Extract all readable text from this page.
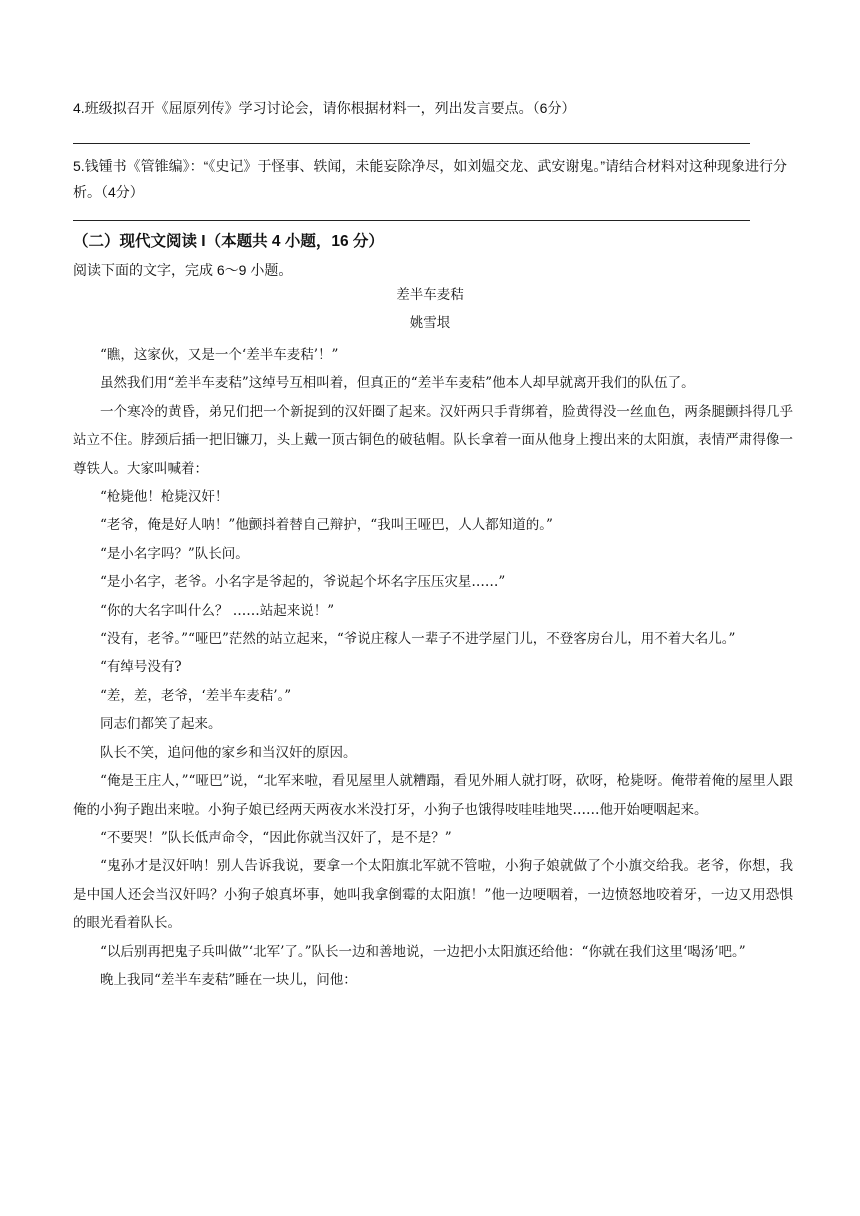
4.班级拟召开《屈原列传》学习讨论会，请你根据材料一，列出发言要点。（6分）
5.钱锺书《管锥编》：“《史记》于怪事、轶闻，未能妄除净尽，如刘媪交龙、武安谢鬼。”请结合材料对这种现象进行分析。（4分）
（二）现代文阅读 I（本题共 4 小题，16 分）
阅读下面的文字，完成 6～9 小题。
差半车麦秸
姚雪垠

“瞧，这家伙，又是一个‘差半车麦秸’！”

虽然我们用“差半车麦秸”这绰号互相叫着，但真正的“差半车麦秸”他本人却早就离开我们的队伍了。

一个寒冷的黄昏，弟兄们把一个新捉到的汉奸圈了起来。汉奸两只手背绑着，脸黄得没一丝血色，两条腿颤抖得几乎站立不住。脖颈后插一把旧镰刀，头上戴一顶古铜色的破毡帽。队长拿着一面从他身上搜出来的太阳旗，表情严肃得像一尊铁人。大家叫喊着：

“枪毙他！枪毙汉奸！

“老爷，俺是好人呐！”他颤抖着替自己辩护，“我叫王哑巴，人人都知道的。”

“是小名字吗？”队长问。

“是小名字，老爷。小名字是爷起的，爷说起个坏名字压压灾星……”

“你的大名字叫什么？ ……站起来说！”

“没有，老爷。”“哑巴”茫然的站立起来，“爷说庄稼人一辈子不进学屋门儿，不登客房台儿，用不着大名儿。”

“有绰号没有?

“差，差，老爷，‘差半车麦秸’。”

同志们都笑了起来。

队长不笑，追问他的家乡和当汉奸的原因。

“俺是王庄人，”“哑巴”说，“北军来啦，看见屋里人就糟蹋，看见外厢人就打呀，砍呀，枪毙呀。俺带着俺的屋里人跟俺的小狗子跑出来啦。小狗子娘已经两天两夜水米没打牙，小狗子也饿得吱哇哇地哭……他开始哽咽起来。

“不要哭！”队长低声命令，“因此你就当汉奸了，是不是？”

“鬼孙才是汉奸呐！别人告诉我说，要拿一个太阳旗北军就不管啦，小狗子娘就做了个小旗交给我。老爷，你想，我是中国人还会当汉奸吗？小狗子娘真坏事，她叫我拿倒霉的太阳旗！”他一边哽咽着，一边愤怒地咬着牙，一边又用恐惧的眼光看着队长。

“以后别再把鬼子兵叫做”‘北军’了。”队长一边和善地说，一边把小太阳旗还给他：“你就在我们这里‘喝汤’吧。”

晚上我同“差半车麦秸”睡在一块儿，问他：
